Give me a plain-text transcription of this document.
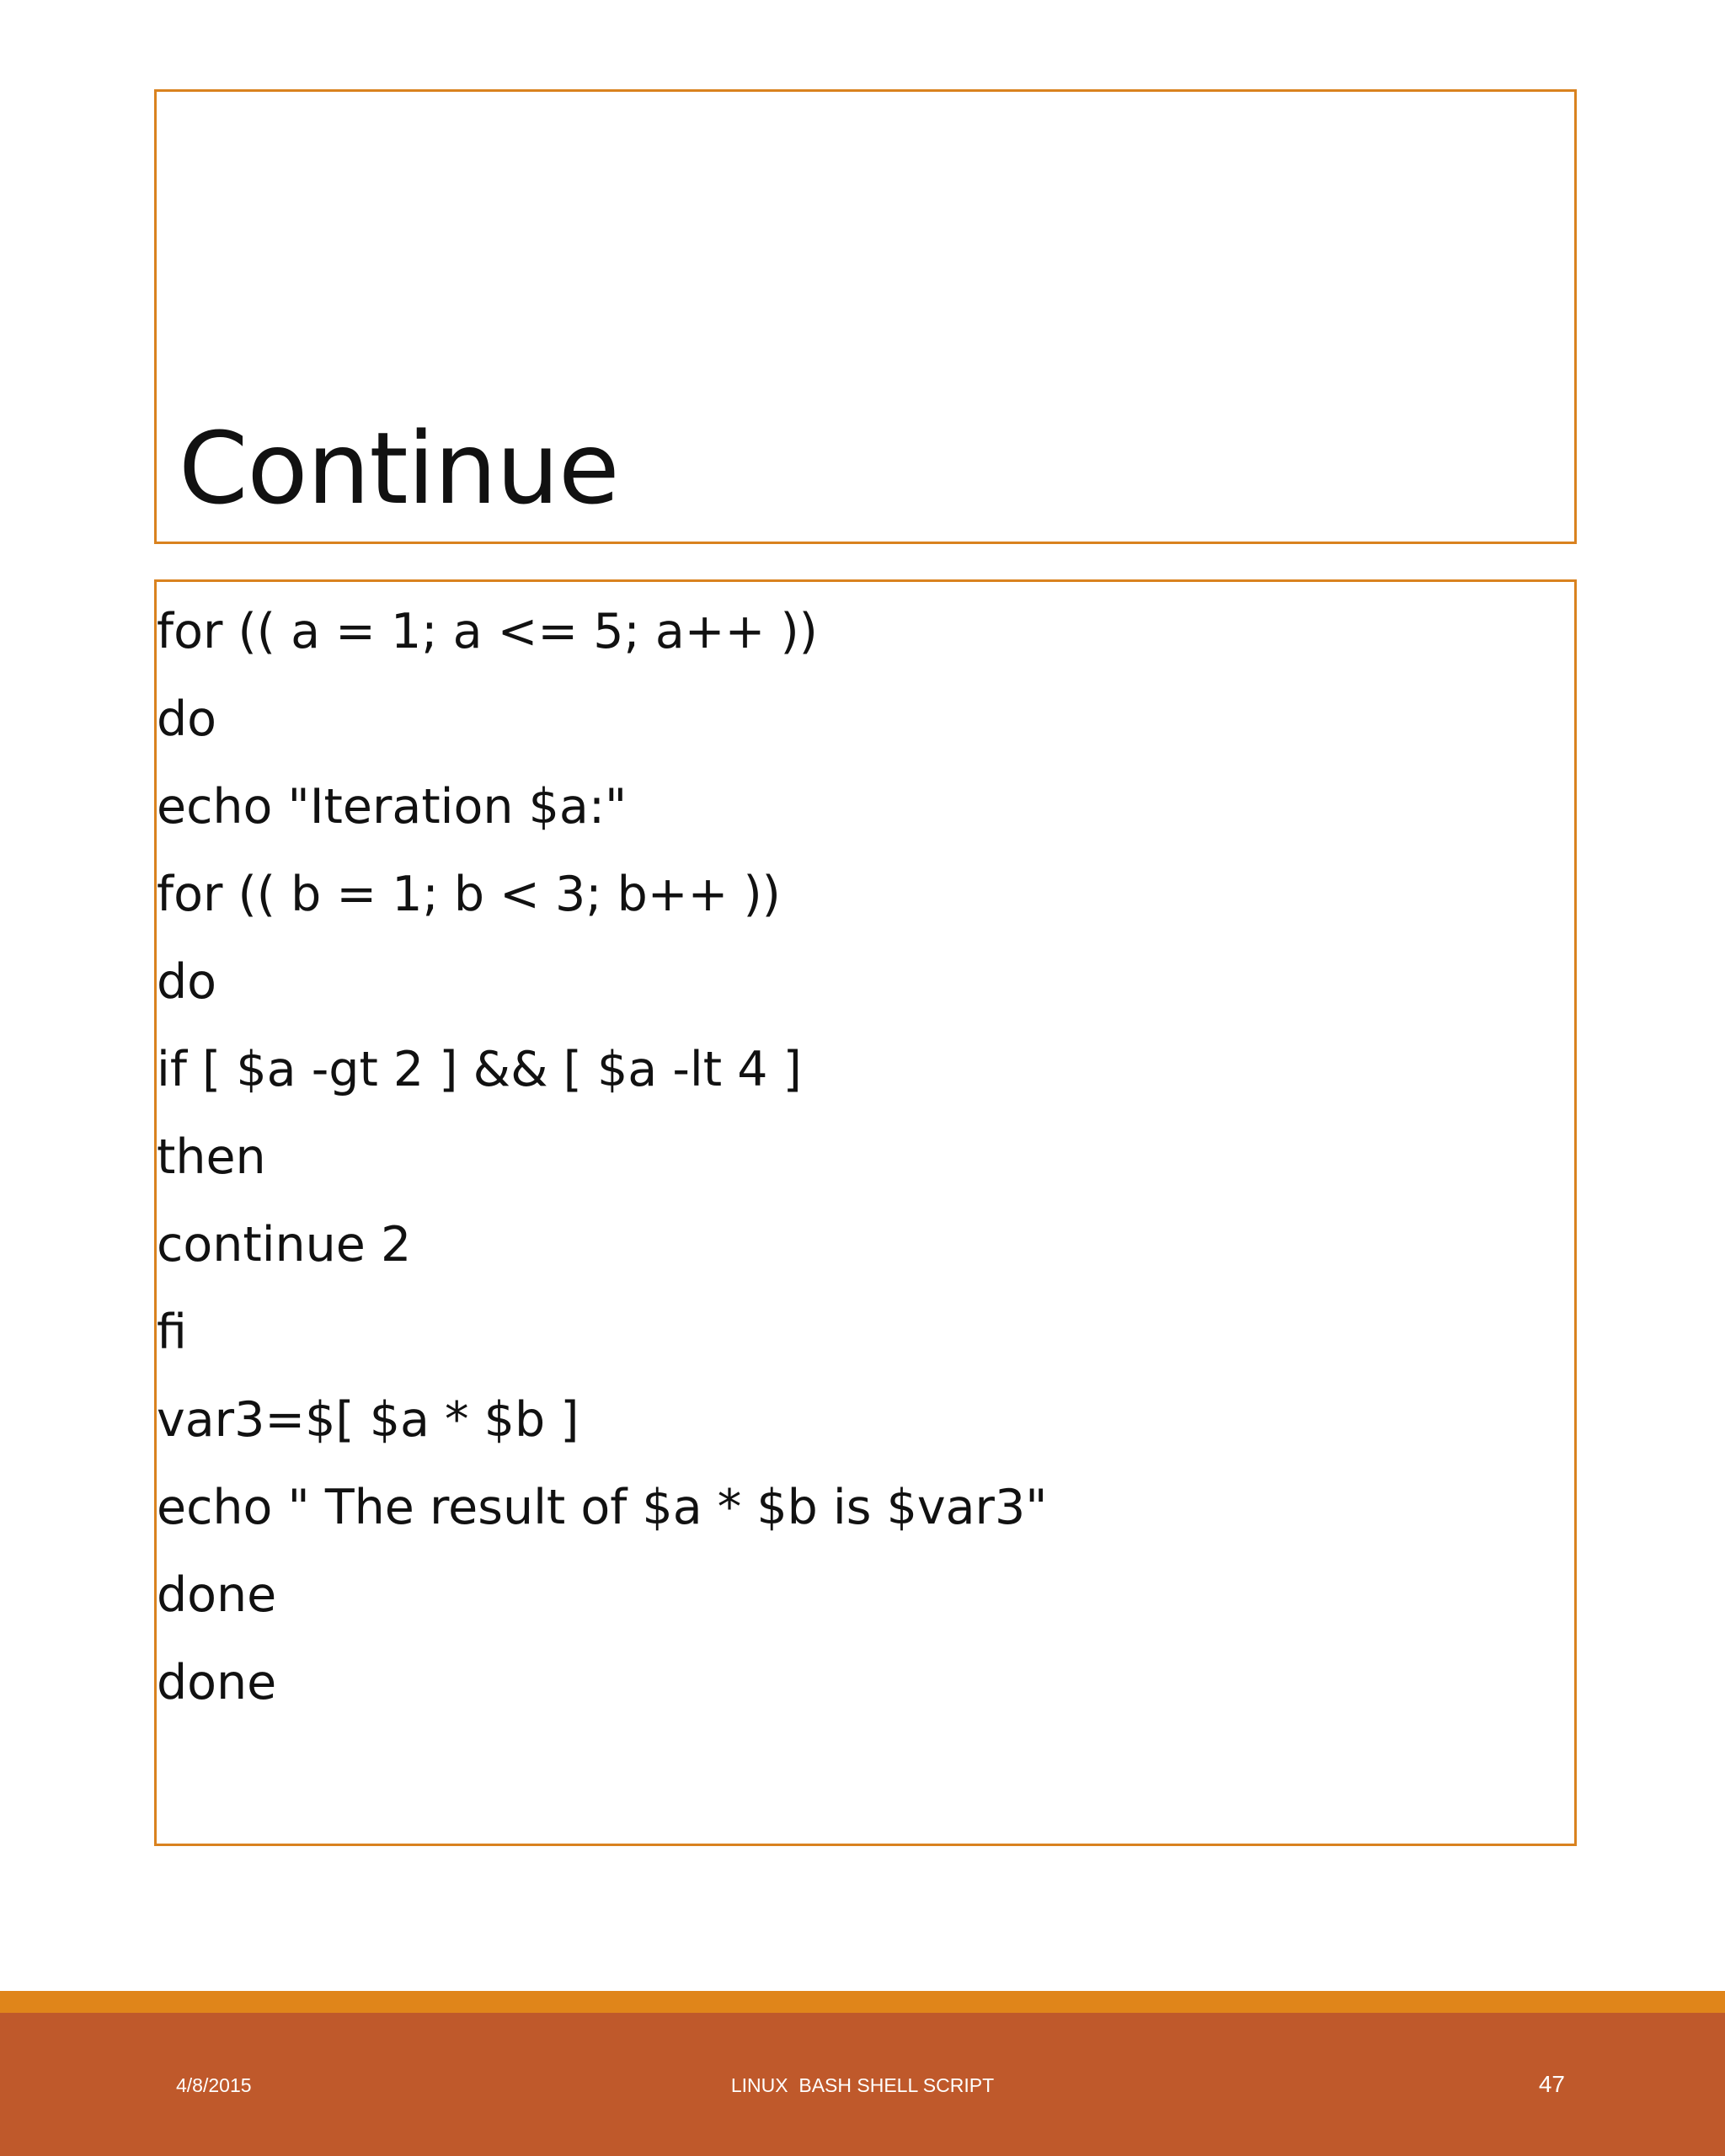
Continue
for (( a = 1; a <= 5; a++ ))
do
echo "Iteration $a:"
for (( b = 1; b < 3; b++ ))
do
if [ $a -gt 2 ] && [ $a -lt 4 ]
then
continue 2
fi
var3=$[ $a * $b ]
echo " The result of $a * $b is $var3"
done
done
4/8/2015	LINUX  BASH SHELL SCRIPT	47
